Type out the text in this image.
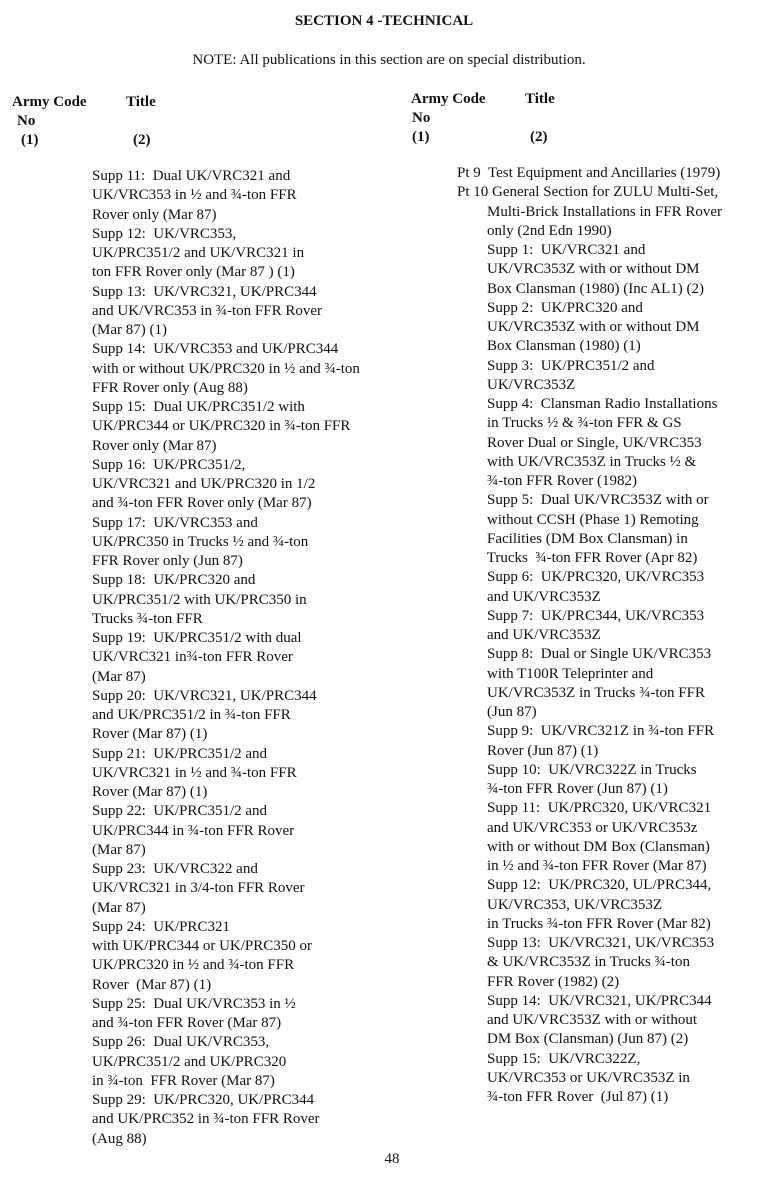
SECTION 4 -TECHNICAL
NOTE: All publications in this section are on special distribution.
Army Code
No
(1)
Title
(2)
Army Code
No
(1)
Title
(2)
Supp 11:  Dual UK/VRC321 and
UK/VRC353 in ½ and ¾-ton FFR
Rover only (Mar 87)
Supp 12:  UK/VRC353,
UK/PRC351/2 and UK/VRC321 in
ton FFR Rover only (Mar 87 ) (1)
Supp 13:  UK/VRC321, UK/PRC344
and UK/VRC353 in ¾-ton FFR Rover
(Mar 87) (1)
Supp 14:  UK/VRC353 and UK/PRC344
with or without UK/PRC320 in ½ and ¾-ton
FFR Rover only (Aug 88)
Supp 15:  Dual UK/PRC351/2 with
UK/PRC344 or UK/PRC320 in ¾-ton FFR
Rover only (Mar 87)
Supp 16:  UK/PRC351/2,
UK/VRC321 and UK/PRC320 in 1/2
and ¾-ton FFR Rover only (Mar 87)
Supp 17:  UK/VRC353 and
UK/PRC350 in Trucks ½ and ¾-ton
FFR Rover only (Jun 87)
Supp 18:  UK/PRC320 and
UK/PRC351/2 with UK/PRC350 in
Trucks ¾-ton FFR
Supp 19:  UK/PRC351/2 with dual
UK/VRC321 in¾-ton FFR Rover
(Mar 87)
Supp 20:  UK/VRC321, UK/PRC344
and UK/PRC351/2 in ¾-ton FFR
Rover (Mar 87) (1)
Supp 21:  UK/PRC351/2 and
UK/VRC321 in ½ and ¾-ton FFR
Rover (Mar 87) (1)
Supp 22:  UK/PRC351/2 and
UK/PRC344 in ¾-ton FFR Rover
(Mar 87)
Supp 23:  UK/VRC322 and
UK/VRC321 in 3/4-ton FFR Rover
(Mar 87)
Supp 24:  UK/PRC321
with UK/PRC344 or UK/PRC350 or
UK/PRC320 in ½ and ¾-ton FFR
Rover  (Mar 87) (1)
Supp 25:  Dual UK/VRC353 in ½
and ¾-ton FFR Rover (Mar 87)
Supp 26:  Dual UK/VRC353,
UK/PRC351/2 and UK/PRC320
in ¾-ton  FFR Rover (Mar 87)
Supp 29:  UK/PRC320, UK/PRC344
and UK/PRC352 in ¾-ton FFR Rover
(Aug 88)
Pt 9  Test Equipment and Ancillaries (1979)
Pt 10 General Section for ZULU Multi-Set,
Multi-Brick Installations in FFR Rover
only (2nd Edn 1990)
Supp 1:  UK/VRC321 and
UK/VRC353Z with or without DM
Box Clansman (1980) (Inc AL1) (2)
Supp 2:  UK/PRC320 and
UK/VRC353Z with or without DM
Box Clansman (1980) (1)
Supp 3:  UK/PRC351/2 and
UK/VRC353Z
Supp 4:  Clansman Radio Installations
in Trucks ½ & ¾-ton FFR & GS
Rover Dual or Single, UK/VRC353
with UK/VRC353Z in Trucks ½ &
¾-ton FFR Rover (1982)
Supp 5:  Dual UK/VRC353Z with or
without CCSH (Phase 1) Remoting
Facilities (DM Box Clansman) in
Trucks  ¾-ton FFR Rover (Apr 82)
Supp 6:  UK/PRC320, UK/VRC353
and UK/VRC353Z
Supp 7:  UK/PRC344, UK/VRC353
and UK/VRC353Z
Supp 8:  Dual or Single UK/VRC353
with T100R Teleprinter and
UK/VRC353Z in Trucks ¾-ton FFR
(Jun 87)
Supp 9:  UK/VRC321Z in ¾-ton FFR
Rover (Jun 87) (1)
Supp 10:  UK/VRC322Z in Trucks
¾-ton FFR Rover (Jun 87) (1)
Supp 11:  UK/PRC320, UK/VRC321
and UK/VRC353 or UK/VRC353z
with or without DM Box (Clansman)
in ½ and ¾-ton FFR Rover (Mar 87)
Supp 12:  UK/PRC320, UL/PRC344,
UK/VRC353, UK/VRC353Z
in Trucks ¾-ton FFR Rover (Mar 82)
Supp 13:  UK/VRC321, UK/VRC353
& UK/VRC353Z in Trucks ¾-ton
FFR Rover (1982) (2)
Supp 14:  UK/VRC321, UK/PRC344
and UK/VRC353Z with or without
DM Box (Clansman) (Jun 87) (2)
Supp 15:  UK/VRC322Z,
UK/VRC353 or UK/VRC353Z in
¾-ton FFR Rover  (Jul 87) (1)
48
